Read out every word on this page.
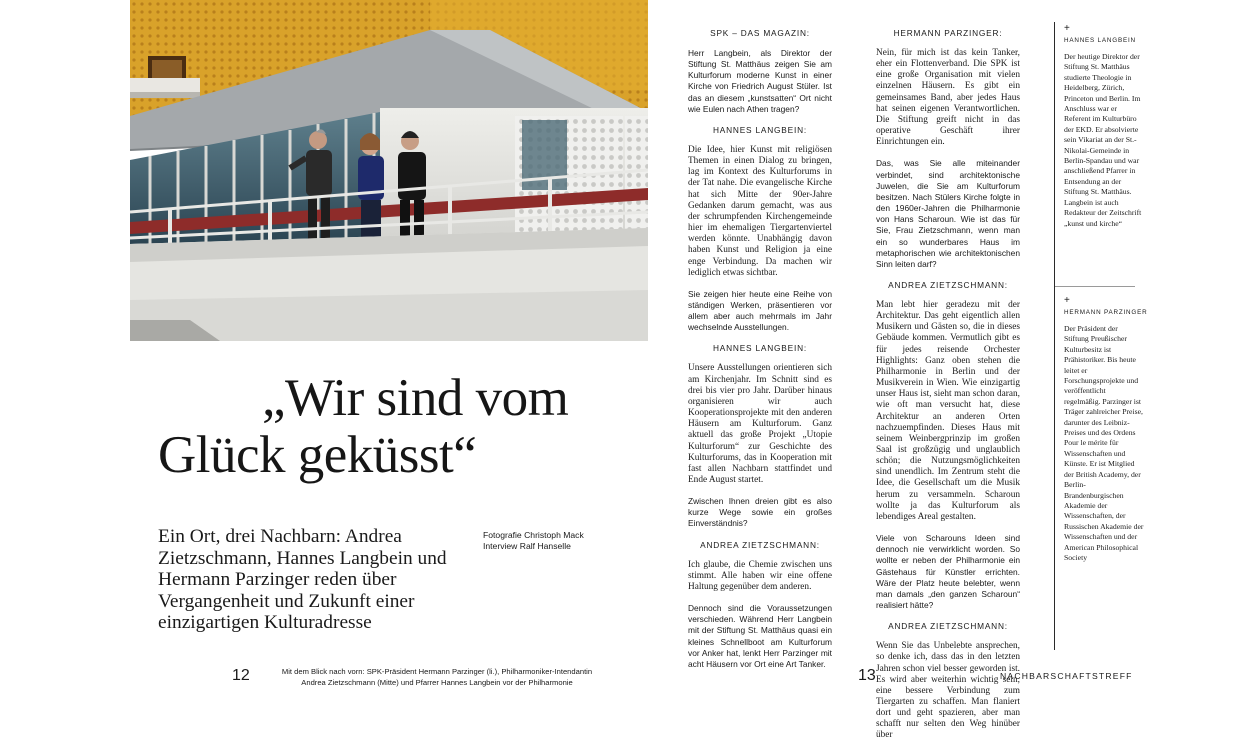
„Wir sind vom
Glück geküsst“
Ein Ort, drei Nachbarn: Andrea Zietzschmann, Hannes Langbein und Hermann Parzinger reden über Vergangenheit und Zukunft einer einzigartigen Kulturadresse
Fotografie Christoph Mack
Interview Ralf Hanselle

SPK – DAS MAGAZIN:

Herr Langbein, als Direktor der Stiftung St. Matthäus zeigen Sie am Kulturforum moderne Kunst in einer Kirche von Friedrich August Stüler. Ist das an diesem „kunstsatten“ Ort nicht wie Eulen nach Athen tragen?

HANNES LANGBEIN:

Die Idee, hier Kunst mit religiösen Themen in einen Dialog zu bringen, lag im Kontext des Kulturforums in der Tat nahe. Die evangelische Kirche hat sich Mitte der 90er-Jahre Gedanken darum gemacht, was aus der schrumpfenden Kirchengemeinde hier im ehemaligen Tiergartenviertel werden könnte. Unabhängig davon haben Kunst und Religion ja eine enge Verbindung. Da machen wir lediglich etwas sichtbar.

Sie zeigen hier heute eine Reihe von ständigen Werken, präsentieren vor allem aber auch mehrmals im Jahr wechselnde Ausstellungen.

HANNES LANGBEIN:

Unsere Ausstellungen orientieren sich am Kirchenjahr. Im Schnitt sind es drei bis vier pro Jahr. Darüber hinaus organisieren wir auch Kooperationsprojekte mit den anderen Häusern am Kulturforum. Ganz aktuell das große Projekt „Utopie Kulturforum“ zur Geschichte des Kulturforums, das in Kooperation mit fast allen Nachbarn stattfindet und Ende August startet.

Zwischen Ihnen dreien gibt es also kurze Wege sowie ein großes Einverständnis?

ANDREA ZIETZSCHMANN:

Ich glaube, die Chemie zwischen uns stimmt. Alle haben wir eine offene Haltung gegenüber dem anderen.

Dennoch sind die Voraussetzungen verschieden. Während Herr Langbein mit der Stiftung St. Matthäus quasi ein kleines Schnellboot am Kulturforum vor Anker hat, lenkt Herr Parzinger mit acht Häusern vor Ort eine Art Tanker.

HERMANN PARZINGER:

Nein, für mich ist das kein Tanker, eher ein Flottenverband. Die SPK ist eine große Organisation mit vielen einzelnen Häusern. Es gibt ein gemeinsames Band, aber jedes Haus hat seinen eigenen Verantwortlichen. Die Stiftung greift nicht in das operative Geschäft ihrer Einrichtungen ein.

Das, was Sie alle miteinander verbindet, sind architektonische Juwelen, die Sie am Kulturforum besitzen. Nach Stülers Kirche folgte in den 1960er-Jahren die Philharmonie von Hans Scharoun. Wie ist das für Sie, Frau Zietzschmann, wenn man ein so wunderbares Haus im metaphorischen wie architektonischen Sinn leiten darf?

ANDREA ZIETZSCHMANN:

Man lebt hier geradezu mit der Architektur. Das geht eigentlich allen Musikern und Gästen so, die in dieses Gebäude kommen. Vermutlich gibt es für jedes reisende Orchester Highlights: Ganz oben stehen die Philharmonie in Berlin und der Musikverein in Wien. Wie einzigartig unser Haus ist, sieht man schon daran, wie oft man versucht hat, diese Architektur an anderen Orten nachzuempfinden. Dieses Haus mit seinem Weinbergprinzip im großen Saal ist großzügig und unglaublich schön; die Nutzungsmöglichkeiten sind unendlich. Im Zentrum steht die Idee, die Gesellschaft um die Musik herum zu versammeln. Scharoun wollte ja das Kulturforum als lebendiges Areal gestalten.

Viele von Scharouns Ideen sind dennoch nie verwirklicht worden. So wollte er neben der Philharmonie ein Gästehaus für Künstler errichten. Wäre der Platz heute belebter, wenn man damals „den ganzen Scharoun“ realisiert hätte?

ANDREA ZIETZSCHMANN:

Wenn Sie das Unbelebte ansprechen, so denke ich, dass das in den letzten Jahren schon viel besser geworden ist. Es wird aber weiterhin wichtig sein, eine bessere Verbindung zum Tiergarten zu schaffen. Man flaniert dort und geht spazieren, aber man schafft nur selten den Weg hinüber über

+
HANNES LANGBEIN
Der heutige Direktor der Stiftung St. Matthäus studierte Theologie in Heidelberg, Zürich, Princeton und Berlin. Im Anschluss war er Referent im Kulturbüro der EKD. Er absolvierte sein Vikariat an der St.-Nikolai-Gemeinde in Berlin-Spandau und war anschließend Pfarrer in Entsendung an der Stiftung St. Matthäus. Langbein ist auch Redakteur der Zeitschrift „kunst und kirche“
+
HERMANN PARZINGER
Der Präsident der Stiftung Preußischer Kulturbesitz ist Prähistoriker. Bis heute leitet er Forschungsprojekte und veröffentlicht regelmäßig. Parzinger ist Träger zahlreicher Preise, darunter des Leibniz-Preises und des Ordens Pour le mérite für Wissenschaften und Künste. Er ist Mitglied der British Academy, der Berlin-Brandenburgischen Akademie der Wissenschaften, der Russischen Akademie der Wissenschaften und der American Philosophical Society
12	Mit dem Blick nach vorn: SPK-Präsident Hermann Parzinger (li.), Philharmoniker-Intendantin
Andrea Zietzschmann (Mitte) und Pfarrer Hannes Langbein vor der Philharmonie	13	NACHBARSCHAFTSTREFF
